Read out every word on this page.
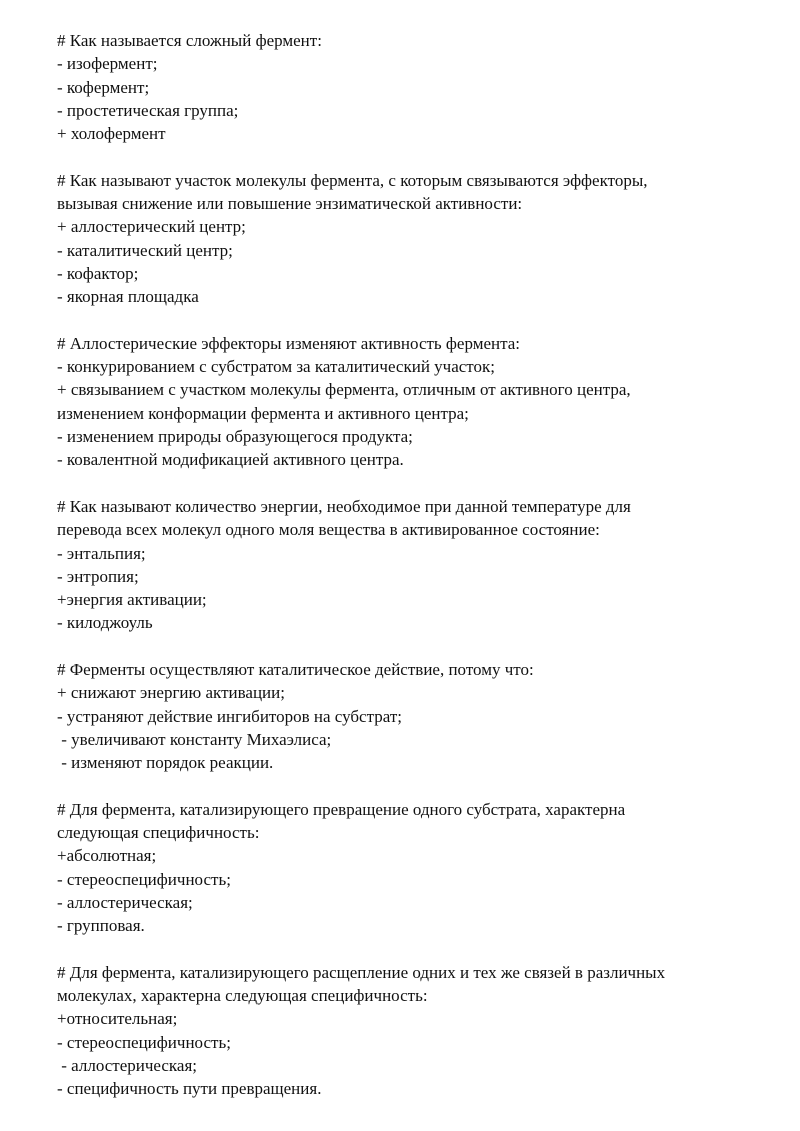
# Как называется сложный фермент:
- изофермент;
- кофермент;
- простетическая группа;
+ холофермент
# Как называют участок молекулы фермента, с которым связываются эффекторы,
вызывая снижение или повышение энзиматической активности:
+ аллостерический центр;
- каталитический центр;
- кофактор;
- якорная площадка
# Аллостерические эффекторы изменяют активность фермента:
- конкурированием с субстратом за каталитический участок;
+ связыванием с участком молекулы фермента, отличным от активного центра,
изменением конформации фермента и активного центра;
- изменением природы образующегося продукта;
- ковалентной модификацией активного центра.
# Как называют количество энергии, необходимое при данной температуре для
перевода всех молекул одного моля вещества в активированное состояние:
- энтальпия;
- энтропия;
+энергия активации;
- килоджоуль
# Ферменты осуществляют каталитическое действие, потому что:
+ снижают энергию активации;
- устраняют действие ингибиторов на субстрат;
- увеличивают константу Михаэлиса;
- изменяют порядок реакции.
# Для фермента, катализирующего превращение одного субстрата, характерна
следующая специфичность:
+абсолютная;
- стереоспецифичность;
- аллостерическая;
- групповая.
# Для фермента, катализирующего расщепление одних и тех же связей в различных
молекулах, характерна следующая специфичность:
+относительная;
- стереоспецифичность;
- аллостерическая;
- специфичность пути превращения.
